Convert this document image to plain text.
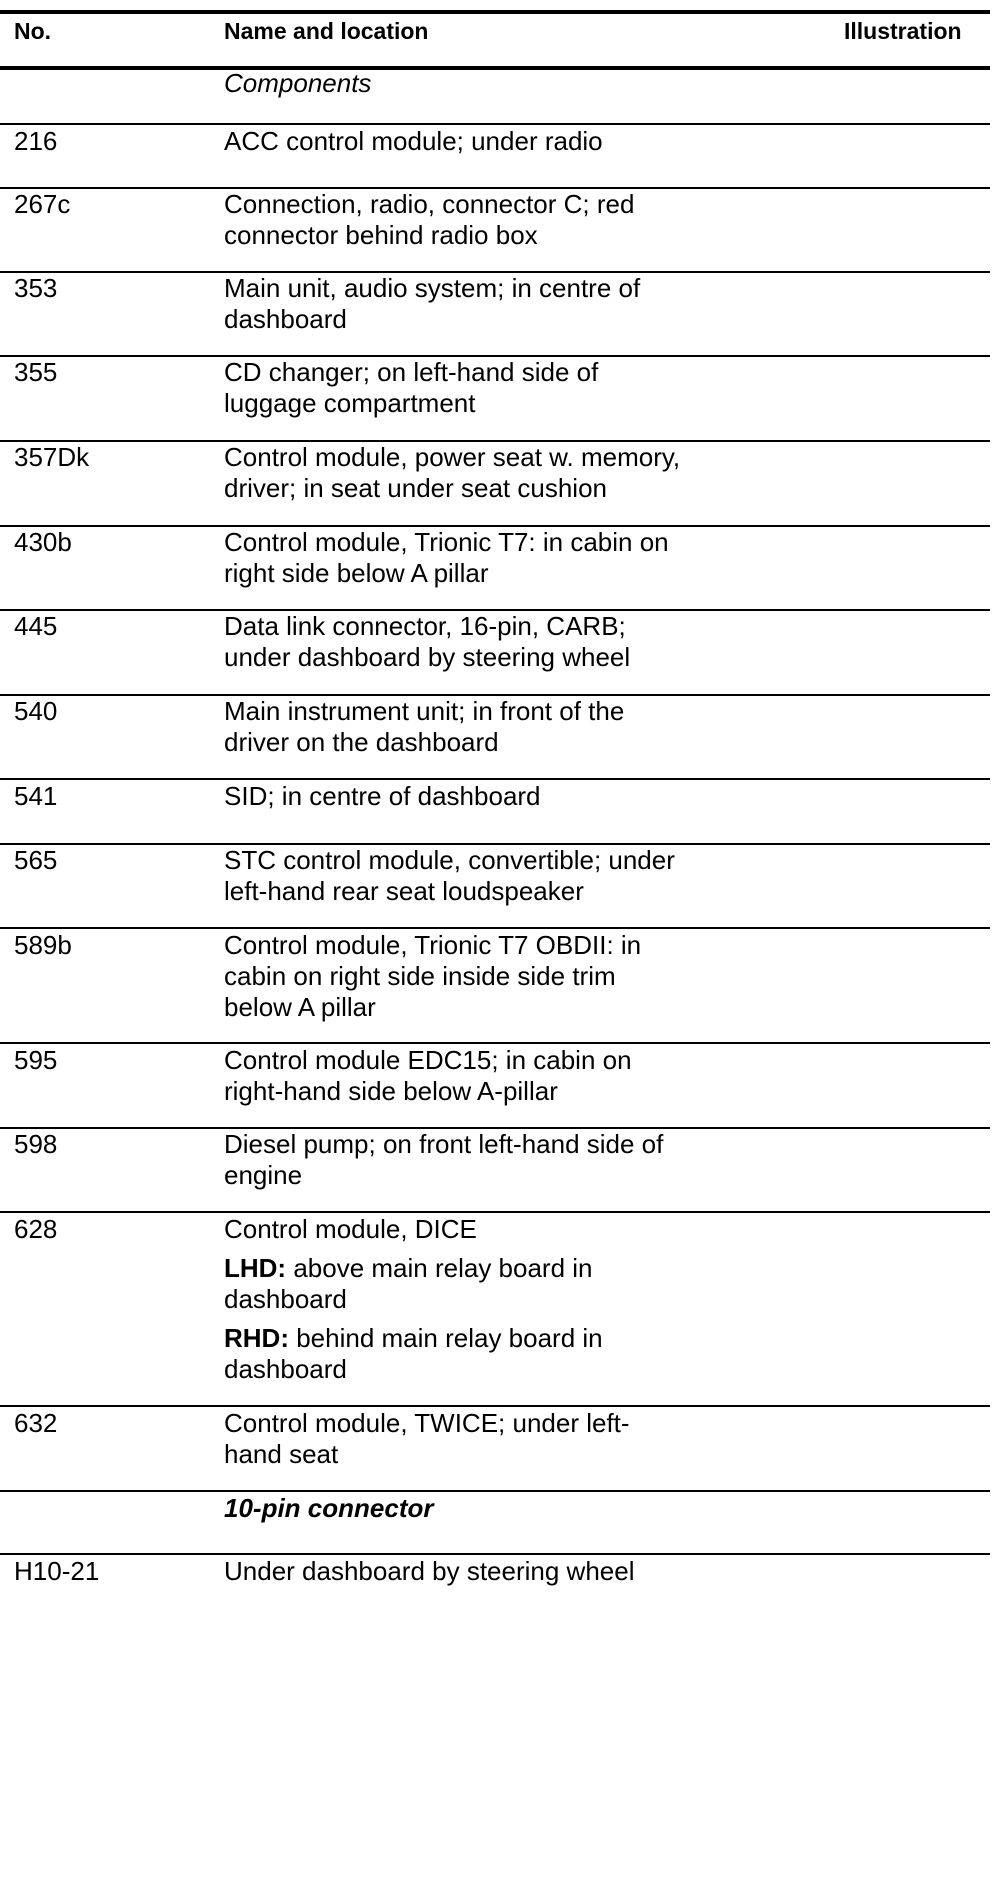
No.	Name and location	Illustration
Components
216	ACC control module; under radio
267c	Connection, radio, connector C; red
connector behind radio box
353	Main unit, audio system; in centre of
dashboard
355	CD changer; on left-hand side of
luggage compartment
357Dk	Control module, power seat w. memory,
driver; in seat under seat cushion
430b	Control module, Trionic T7: in cabin on
right side below A pillar
445	Data link connector, 16-pin, CARB;
under dashboard by steering wheel
540	Main instrument unit; in front of the
driver on the dashboard
541	SID; in centre of dashboard
565	STC control module, convertible; under
left-hand rear seat loudspeaker
589b	Control module, Trionic T7 OBDII: in
cabin on right side inside side trim
below A pillar
595	Control module EDC15; in cabin on
right-hand side below A-pillar
598	Diesel pump; on front left-hand side of
engine
628	Control module, DICE
LHD: above main relay board in
dashboard
RHD: behind main relay board in
dashboard
632	Control module, TWICE; under left-
hand seat
10-pin connector
H10-21	Under dashboard by steering wheel
